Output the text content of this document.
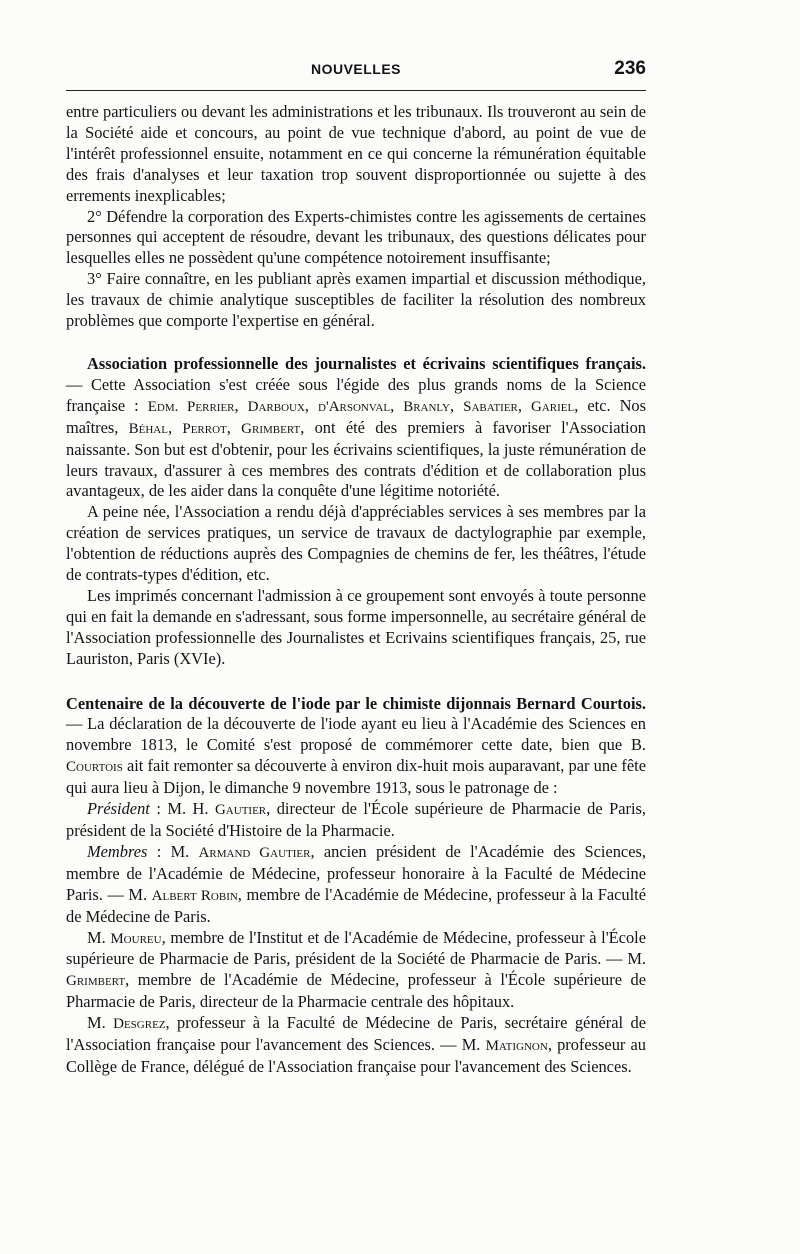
NOUVELLES	236

entre particuliers ou devant les administrations et les tribunaux. Ils trouveront au sein de la Société aide et concours, au point de vue technique d'abord, au point de vue de l'intérêt professionnel ensuite, notamment en ce qui concerne la rémunération équitable des frais d'analyses et leur taxation trop souvent disproportionnée ou sujette à des errements inexplicables;

2° Défendre la corporation des Experts-chimistes contre les agissements de certaines personnes qui acceptent de résoudre, devant les tribunaux, des questions délicates pour lesquelles elles ne possèdent qu'une compétence notoirement insuffisante;

3° Faire connaître, en les publiant après examen impartial et discussion méthodique, les travaux de chimie analytique susceptibles de faciliter la résolution des nombreux problèmes que comporte l'expertise en général.

Association professionnelle des journalistes et écrivains scientifiques français. — Cette Association s'est créée sous l'égide des plus grands noms de la Science française : Edm. Perrier, Darboux, d'Arsonval, Branly, Sabatier, Gariel, etc. Nos maîtres, Béhal, Perrot, Grimbert, ont été des premiers à favoriser l'Association naissante. Son but est d'obtenir, pour les écrivains scientifiques, la juste rémunération de leurs travaux, d'assurer à ces membres des contrats d'édition et de collaboration plus avantageux, de les aider dans la conquête d'une légitime notoriété.

A peine née, l'Association a rendu déjà d'appréciables services à ses membres par la création de services pratiques, un service de travaux de dactylographie par exemple, l'obtention de réductions auprès des Compagnies de chemins de fer, les théâtres, l'étude de contrats-types d'édition, etc.

Les imprimés concernant l'admission à ce groupement sont envoyés à toute personne qui en fait la demande en s'adressant, sous forme impersonnelle, au secrétaire général de l'Association professionnelle des Journalistes et Ecrivains scientifiques français, 25, rue Lauriston, Paris (XVIe).

Centenaire de la découverte de l'iode par le chimiste dijonnais Bernard Courtois. — La déclaration de la découverte de l'iode ayant eu lieu à l'Académie des Sciences en novembre 1813, le Comité s'est proposé de commémorer cette date, bien que B. Courtois ait fait remonter sa découverte à environ dix-huit mois auparavant, par une fête qui aura lieu à Dijon, le dimanche 9 novembre 1913, sous le patronage de :

Président : M. H. Gautier, directeur de l'École supérieure de Pharmacie de Paris, président de la Société d'Histoire de la Pharmacie.

Membres : M. Armand Gautier, ancien président de l'Académie des Sciences, membre de l'Académie de Médecine, professeur honoraire à la Faculté de Médecine Paris. — M. Albert Robin, membre de l'Académie de Médecine, professeur à la Faculté de Médecine de Paris.

M. Moureu, membre de l'Institut et de l'Académie de Médecine, professeur à l'École supérieure de Pharmacie de Paris, président de la Société de Pharmacie de Paris. — M. Grimbert, membre de l'Académie de Médecine, professeur à l'École supérieure de Pharmacie de Paris, directeur de la Pharmacie centrale des hôpitaux.

M. Desgrez, professeur à la Faculté de Médecine de Paris, secrétaire général de l'Association française pour l'avancement des Sciences. — M. Matignon, professeur au Collège de France, délégué de l'Association française pour l'avancement des Sciences.
